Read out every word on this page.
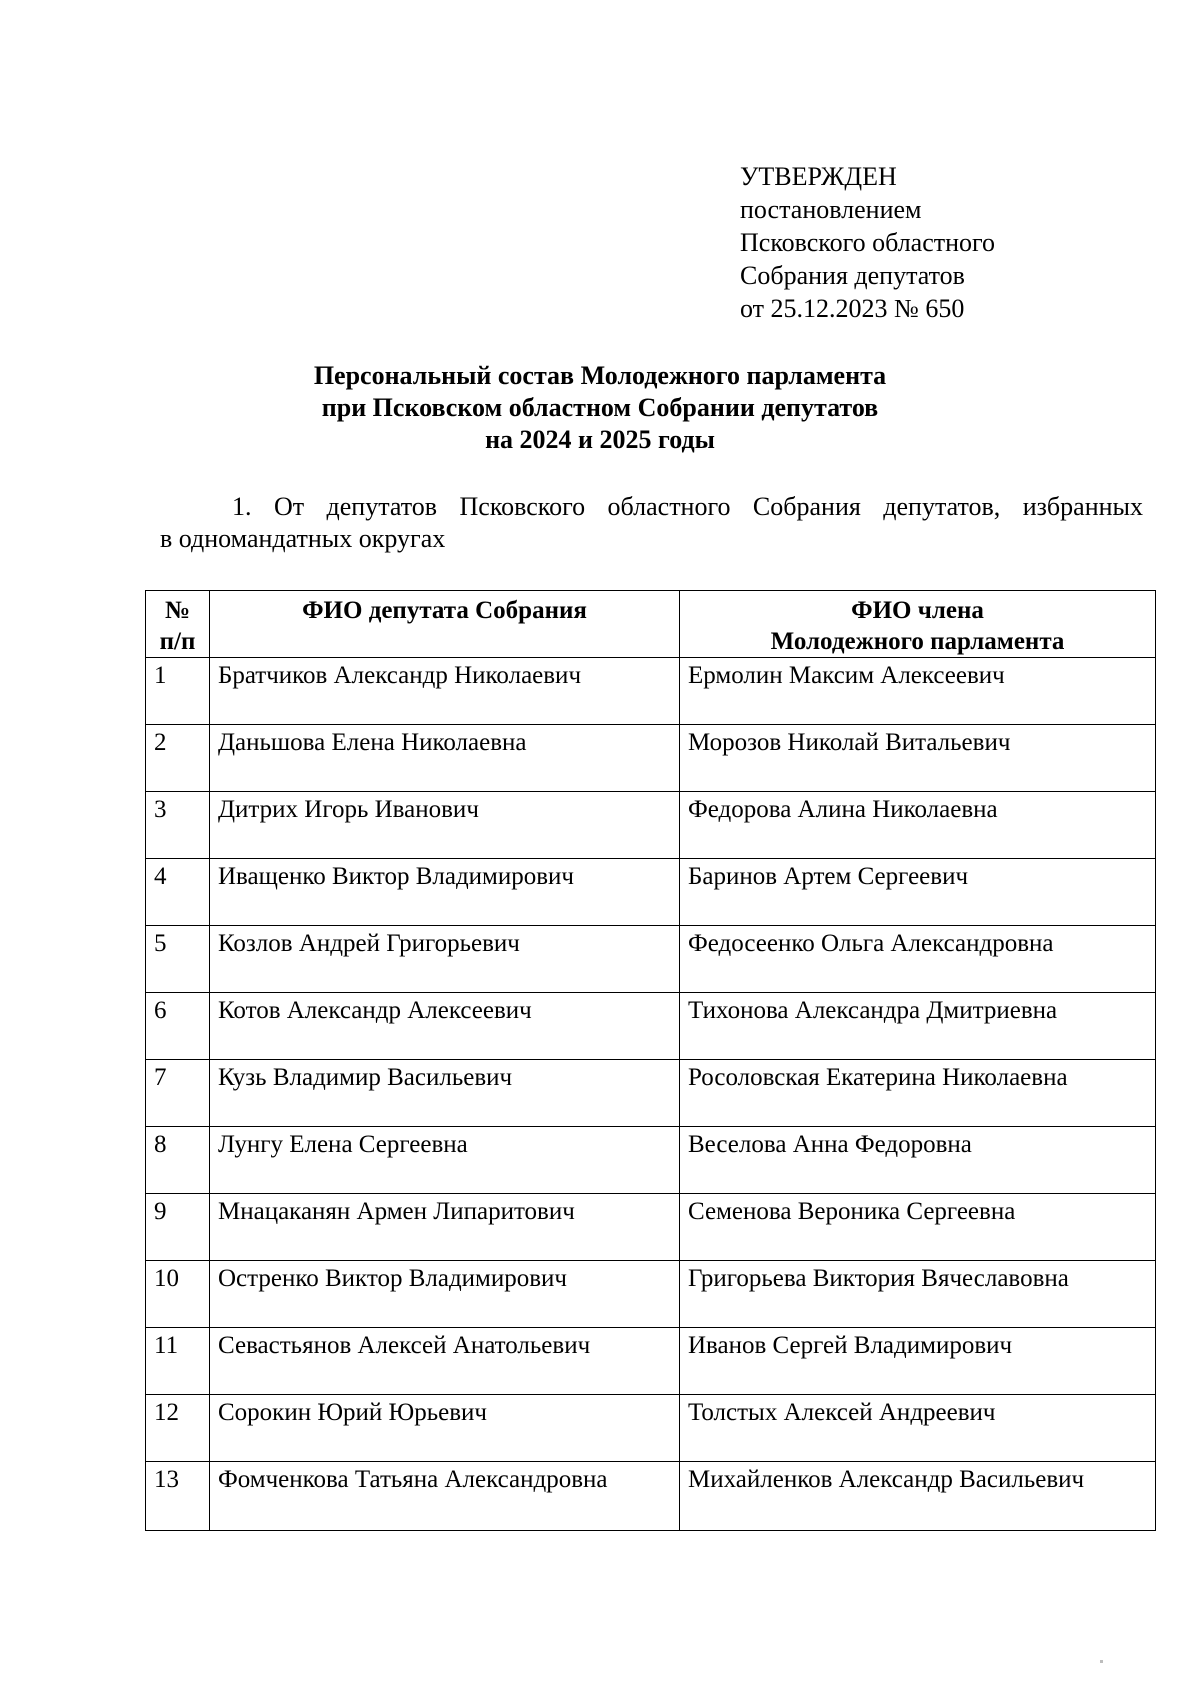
УТВЕРЖДЕН
постановлением
Псковского областного
Собрания депутатов
от 25.12.2023 № 650
Персональный состав Молодежного парламента
при Псковском областном Собрании депутатов
на 2024 и 2025 годы
1. От депутатов Псковского областного Собрания депутатов, избранных
в одномандатных округах
№
п/п	ФИО депутата Собрания	ФИО члена
Молодежного парламента

1	Братчиков Александр Николаевич	Ермолин Максим Алексеевич
2	Даньшова Елена Николаевна	Морозов Николай Витальевич
3	Дитрих Игорь Иванович	Федорова Алина Николаевна
4	Иващенко Виктор Владимирович	Баринов Артем Сергеевич
5	Козлов Андрей Григорьевич	Федосеенко Ольга Александровна
6	Котов Александр Алексеевич	Тихонова Александра Дмитриевна
7	Кузь Владимир Васильевич	Росоловская Екатерина Николаевна
8	Лунгу Елена Сергеевна	Веселова Анна Федоровна
9	Мнацаканян Армен Липаритович	Семенова Вероника Сергеевна
10	Остренко Виктор Владимирович	Григорьева Виктория Вячеславовна
11	Севастьянов Алексей Анатольевич	Иванов Сергей Владимирович
12	Сорокин Юрий Юрьевич	Толстых Алексей Андреевич
13	Фомченкова Татьяна Александровна	Михайленков Александр Васильевич
